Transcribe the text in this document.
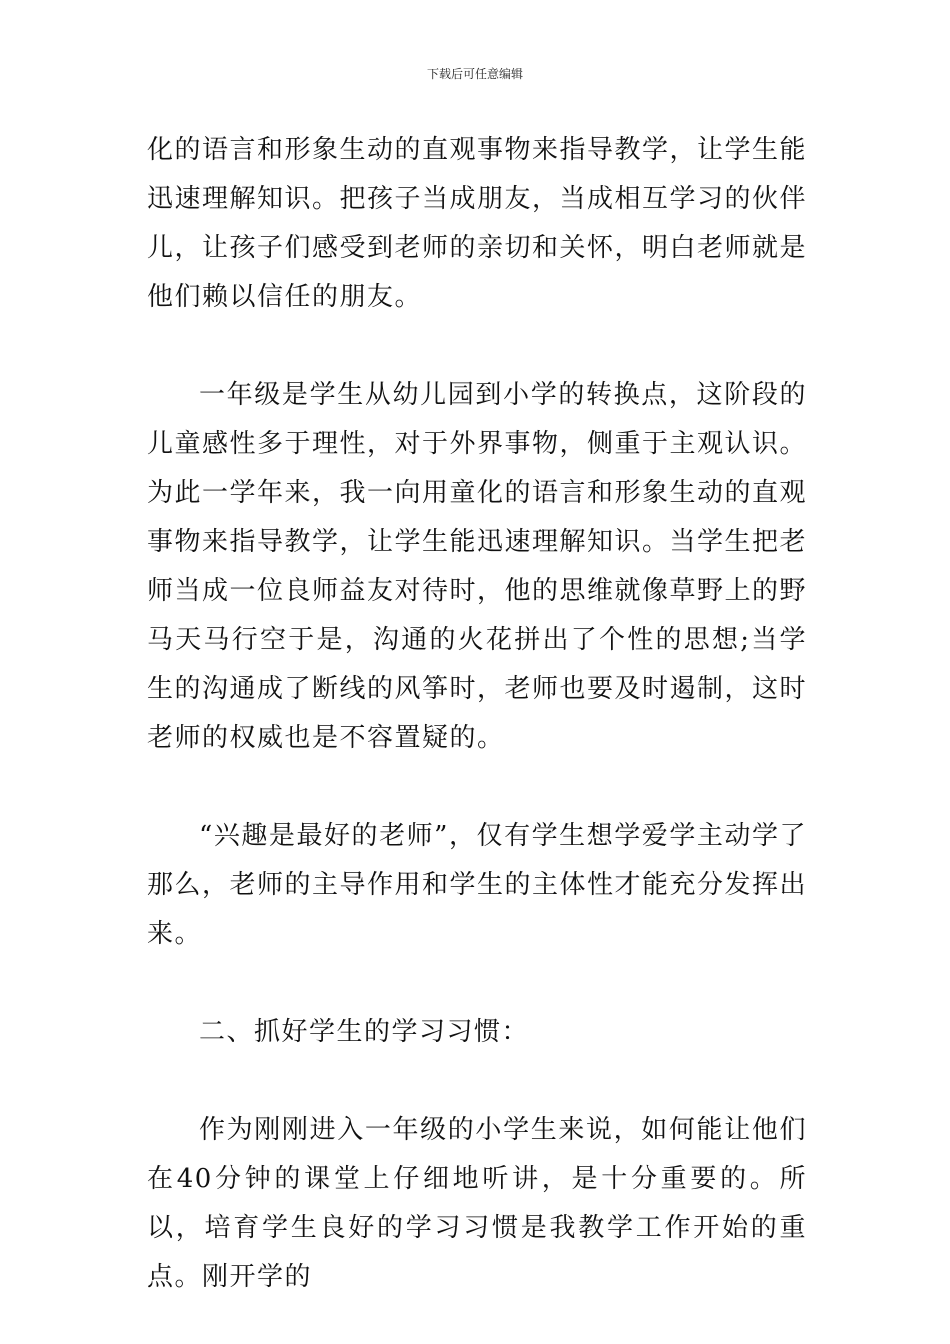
下载后可任意编辑

化的语言和形象生动的直观事物来指导教学，让学生能迅速理解知识。把孩子当成朋友，当成相互学习的伙伴儿，让孩子们感受到老师的亲切和关怀，明白老师就是他们赖以信任的朋友。

一年级是学生从幼儿园到小学的转换点，这阶段的儿童感性多于理性，对于外界事物，侧重于主观认识。为此一学年来，我一向用童化的语言和形象生动的直观事物来指导教学，让学生能迅速理解知识。当学生把老师当成一位良师益友对待时，他的思维就像草野上的野马天马行空于是，沟通的火花拼出了个性的思想;当学生的沟通成了断线的风筝时，老师也要及时遏制，这时老师的权威也是不容置疑的。

“兴趣是最好的老师”，仅有学生想学爱学主动学了那么，老师的主导作用和学生的主体性才能充分发挥出来。

二、抓好学生的学习习惯：

作为刚刚进入一年级的小学生来说，如何能让他们在40分钟的课堂上仔细地听讲，是十分重要的。所以，培育学生良好的学习习惯是我教学工作开始的重点。刚开学的
